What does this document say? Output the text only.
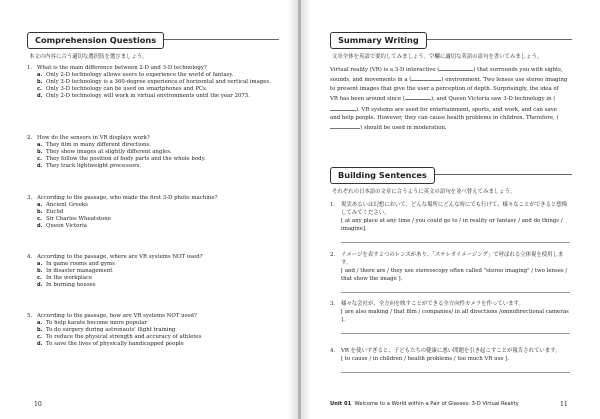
Comprehension Questions
本文の内容に合う適切な選択肢を選びましょう。
1. What is the main difference between 2-D and 3-D technology?
a. Only 2-D technology allows users to experience the world of fantasy.
b. Only 3-D technology is a 360-degree experience of horizontal and vertical images.
c. Only 3-D technology can be used on smartphones and PCs.
d. Only 2-D technology will work in virtual environments until the year 2075.
2. How do the sensors in VR displays work?
a. They film in many different directions.
b. They show images at slightly different angles.
c. They follow the position of body parts and the whole body.
d. They track lightweight processors.
3. According to the passage, who made the first 3-D photo machine?
a. Ancient Greeks
b. Euclid
c. Sir Charles Wheatstone
d. Queen Victoria
4. According to the passage, where are VR systems NOT used?
a. In game rooms and gyms
b. In disaster management
c. In the workplace
d. In burning houses
5. According to the passage, how are VR systems NOT used?
a. To help karate become more popular
b. To do surgery during astronauts' flight training
c. To reduce the physical strength and accuracy of athletes
d. To save the lives of physically handicapped people
10
Summary Writing
文章全体を英語で要約してみましょう。空欄に適切な英語の語句を書いてみましょう。
Virtual reality (VR) is a 3-D interactive (	) that surrounds you with sights, sounds, and movements in a (	) environment. Two lenses use stereo imaging to present images that give the user a perception of depth. Surprisingly, the idea of VR has been around since (	), and Queen Victoria saw 3-D technology in (). VR systems are used for entertainment, sports, and work, and can save and help people. However, they can cause health problems in children. Therefore, () should be used in moderation.
Building Sentences
それぞれの日本語の文章に合うように英文の語句を並べ替えてみましょう。
1.	現実あるいは幻想において、どんな場所にどんな時にでも行けて、様々なことができると想像してみてください。
[ at any place at any time / you could go to / in reality or fantasy / and do things / imagine].
2.	イメージを表す２つのレンズがあり、「ステレオイメージング」で呼ばれる立体視を使用します。
[ and / there are / they use stereoscopy often called "stereo imaging" / two lenses / that show the image ].
3.	様々な会社が、全方向を映すことができる全方向性カメラを作っています。
[ are also making / that film / companies/ in all directions /omnidirectional cameras ].
4.	VR を使いすぎると、子どもたちの健康に悪い問題を引き起こすことが報告されています。
[ to cause / in children / health problems / too much VR use ].
Unit 01 Welcome to a World within a Pair of Glasses: 3-D Virtual Reality	11
